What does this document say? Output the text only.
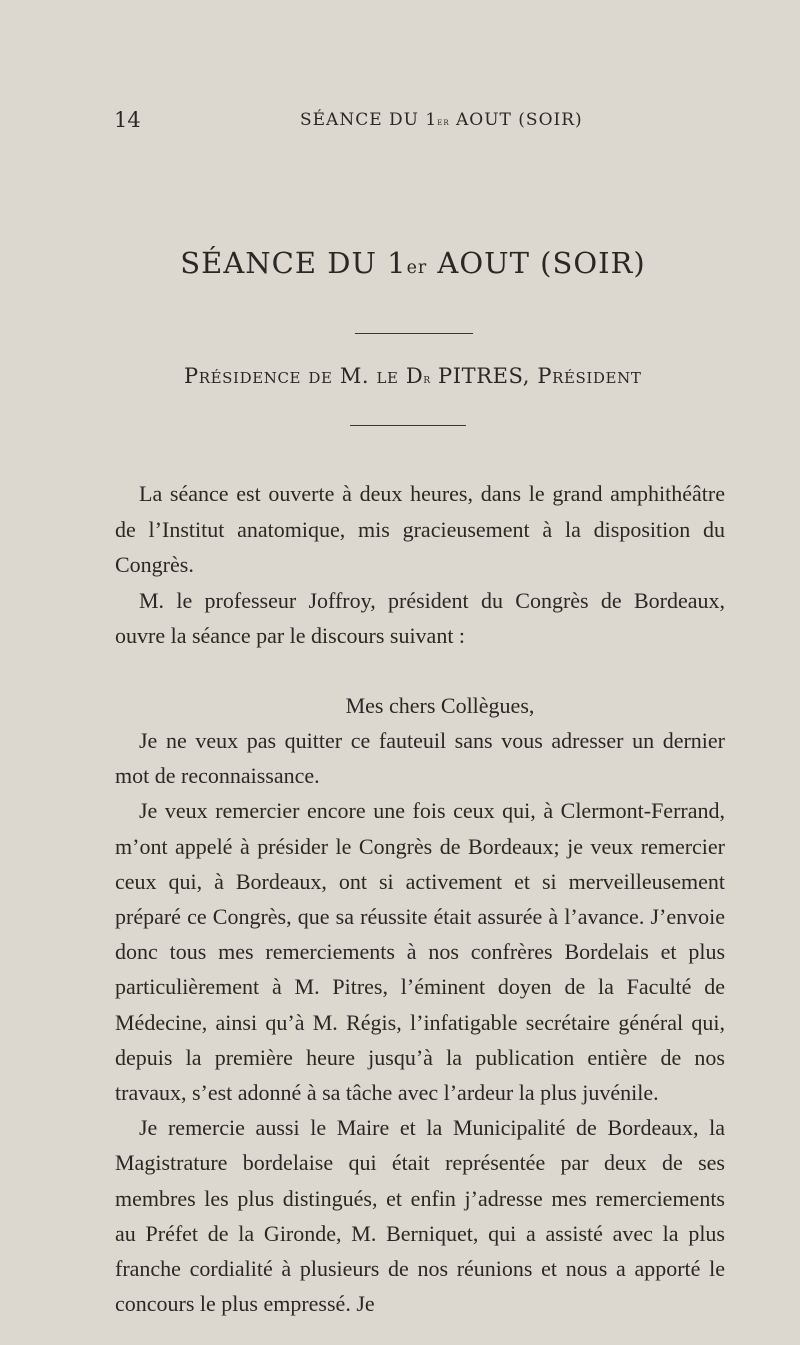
14	SÉANCE DU 1er AOUT (SOIR)
SÉANCE DU 1er AOUT (SOIR)
Présidence de M. le $D^r$ PITRES, Président

La séance est ouverte à deux heures, dans le grand amphithéâtre de l’Institut anatomique, mis gracieusement à la disposition du Congrès.

M. le professeur Joffroy, président du Congrès de Bordeaux, ouvre la séance par le discours suivant :

Mes chers Collègues,

Je ne veux pas quitter ce fauteuil sans vous adresser un dernier mot de reconnaissance.

Je veux remercier encore une fois ceux qui, à Clermont-Ferrand, m’ont appelé à présider le Congrès de Bordeaux; je veux remercier ceux qui, à Bordeaux, ont si activement et si merveilleusement préparé ce Congrès, que sa réussite était assurée à l’avance. J’envoie donc tous mes remerciements à nos confrères Bordelais et plus particulièrement à M. Pitres, l’éminent doyen de la Faculté de Médecine, ainsi qu’à M. Régis, l’infatigable secrétaire général qui, depuis la première heure jusqu’à la publication entière de nos travaux, s’est adonné à sa tâche avec l’ardeur la plus juvénile.

Je remercie aussi le Maire et la Municipalité de Bordeaux, la Magistrature bordelaise qui était représentée par deux de ses membres les plus distingués, et enfin j’adresse mes remerciements au Préfet de la Gironde, M. Berniquet, qui a assisté avec la plus franche cordialité à plusieurs de nos réunions et nous a apporté le concours le plus empressé. Je
